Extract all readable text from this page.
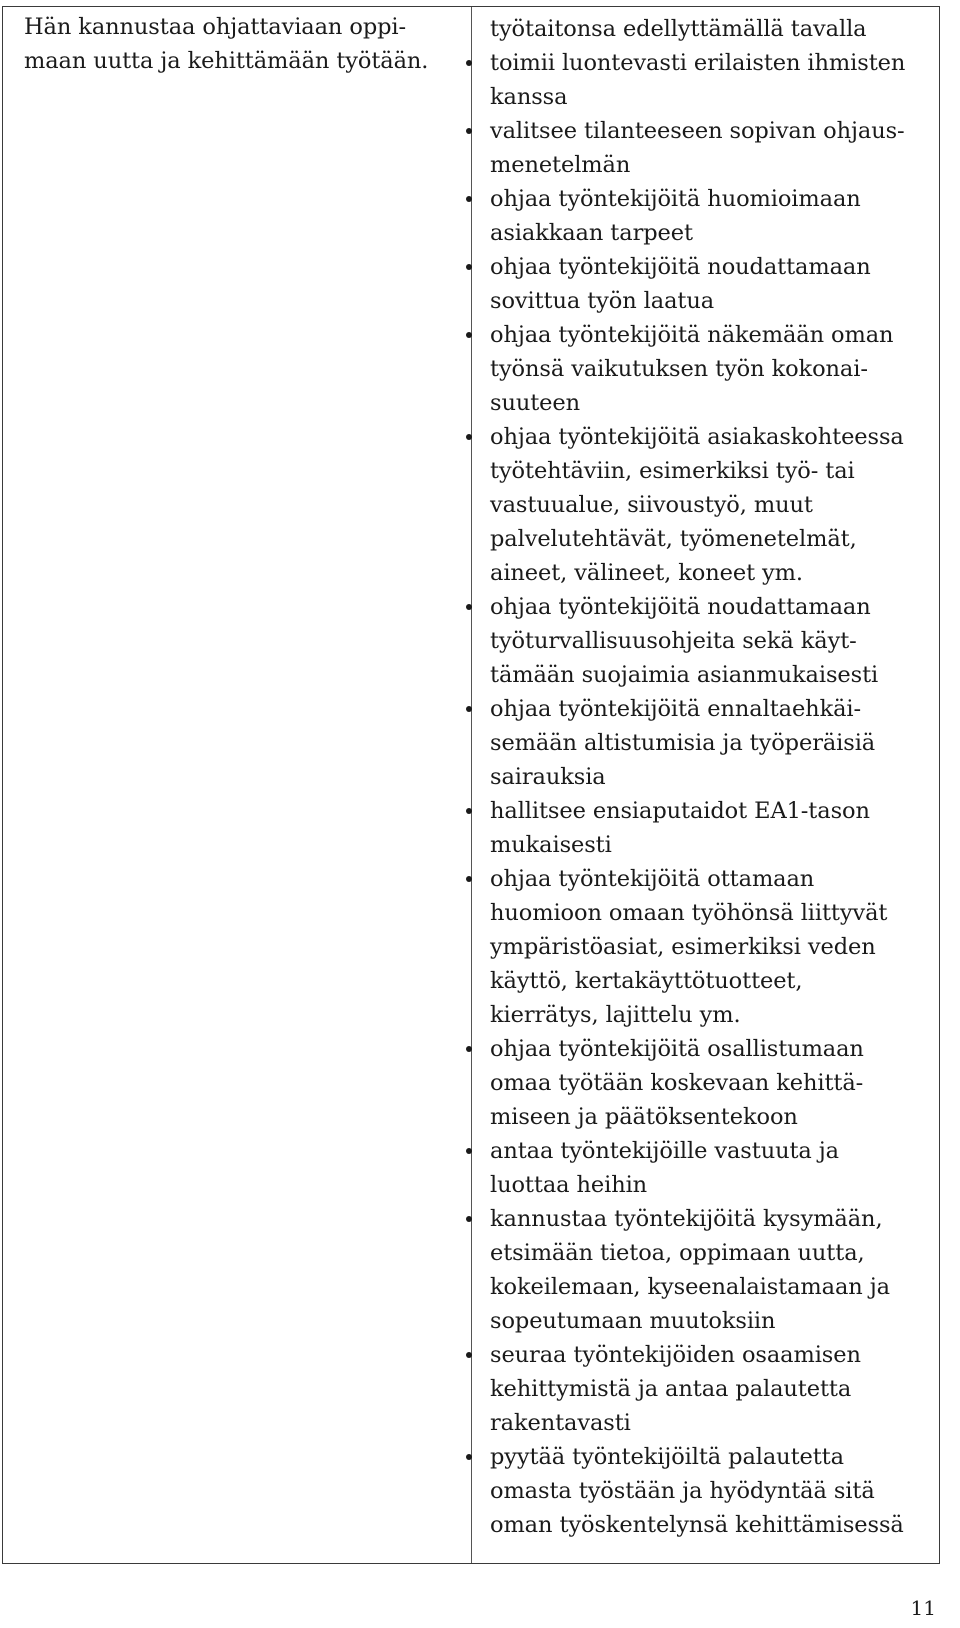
Hän kannustaa ohjattaviaan oppi-
maan uutta ja kehittämään työtään.
työtaitonsa edellyttämällä tavalla
toimii luontevasti erilaisten ihmisten
kanssa
valitsee tilanteeseen sopivan ohjaus-
menetelmän
ohjaa työntekijöitä huomioimaan
asiakkaan tarpeet
ohjaa työntekijöitä noudattamaan
sovittua työn laatua
ohjaa työntekijöitä näkemään oman
työnsä vaikutuksen työn kokonai-
suuteen
ohjaa työntekijöitä asiakaskohteessa
työtehtäviin, esimerkiksi työ- tai
vastuualue, siivoustyö, muut
palvelutehtävät, työmenetelmät,
aineet, välineet, koneet ym.
ohjaa työntekijöitä noudattamaan
työturvallisuusohjeita sekä käyt-
tämään suojaimia asianmukaisesti
ohjaa työntekijöitä ennaltaehkäi-
semään altistumisia ja työperäisiä
sairauksia
hallitsee ensiaputaidot EA1-tason
mukaisesti
ohjaa työntekijöitä ottamaan
huomioon omaan työhönsä liittyvät
ympäristöasiat, esimerkiksi veden
käyttö, kertakäyttötuotteet,
kierrätys, lajittelu ym.
ohjaa työntekijöitä osallistumaan
omaa työtään koskevaan kehittä-
miseen ja päätöksentekoon
antaa työntekijöille vastuuta ja
luottaa heihin
kannustaa työntekijöitä kysymään,
etsimään tietoa, oppimaan uutta,
kokeilemaan, kyseenalaistamaan ja
sopeutumaan muutoksiin
seuraa työntekijöiden osaamisen
kehittymistä ja antaa palautetta
rakentavasti
pyytää työntekijöiltä palautetta
omasta työstään ja hyödyntää sitä
oman työskentelynsä kehittämisessä
11
